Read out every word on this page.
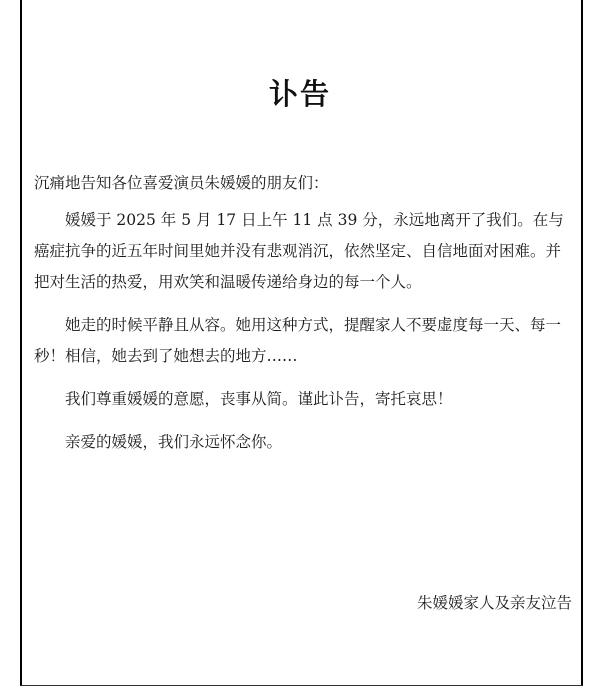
讣告

沉痛地告知各位喜爱演员朱媛媛的朋友们：

媛媛于 2025 年 5 月 17 日上午 11 点 39 分，永远地离开了我们。在与癌症抗争的近五年时间里她并没有悲观消沉，依然坚定、自信地面对困难。并把对生活的热爱，用欢笑和温暖传递给身边的每一个人。

她走的时候平静且从容。她用这种方式，提醒家人不要虚度每一天、每一秒！相信，她去到了她想去的地方……

我们尊重媛媛的意愿，丧事从简。谨此讣告，寄托哀思！

亲爱的媛媛，我们永远怀念你。

朱媛媛家人及亲友泣告
